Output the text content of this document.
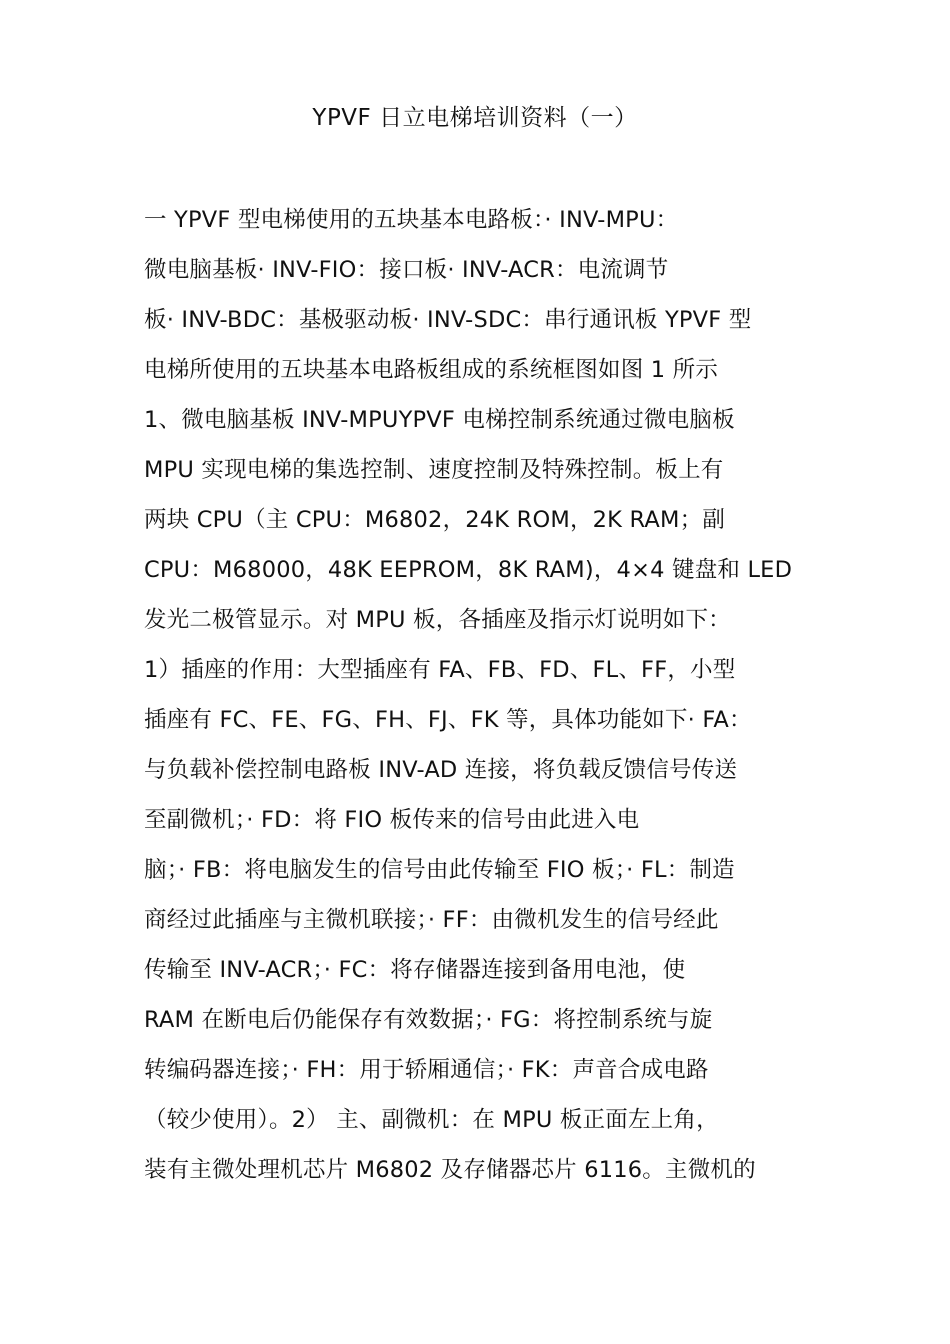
YPVF 日立电梯培训资料（一）
一 YPVF 型电梯使用的五块基本电路板：· INV-MPU：
微电脑基板· INV-FIO：接口板· INV-ACR：电流调节
板· INV-BDC：基极驱动板· INV-SDC：串行通讯板 YPVF 型
电梯所使用的五块基本电路板组成的系统框图如图 1 所示
1、微电脑基板 INV-MPUYPVF 电梯控制系统通过微电脑板
MPU 实现电梯的集选控制、速度控制及特殊控制。板上有
两块 CPU（主 CPU：M6802，24K ROM，2K RAM；副
CPU：M68000，48K EEPROM，8K RAM)，4×4 键盘和 LED
发光二极管显示。对 MPU 板，各插座及指示灯说明如下：
1）插座的作用：大型插座有 FA、FB、FD、FL、FF，小型
插座有 FC、FE、FG、FH、FJ、FK 等，具体功能如下· FA：
与负载补偿控制电路板 INV-AD 连接，将负载反馈信号传送
至副微机；· FD：将 FIO 板传来的信号由此进入电
脑；· FB：将电脑发生的信号由此传输至 FIO 板；· FL：制造
商经过此插座与主微机联接；· FF：由微机发生的信号经此
传输至 INV-ACR；· FC：将存储器连接到备用电池，使
RAM 在断电后仍能保存有效数据；· FG：将控制系统与旋
转编码器连接；· FH：用于轿厢通信；· FK：声音合成电路
（较少使用）。2） 主、副微机：在 MPU 板正面左上角，
装有主微处理机芯片 M6802 及存储器芯片 6116。主微机的
